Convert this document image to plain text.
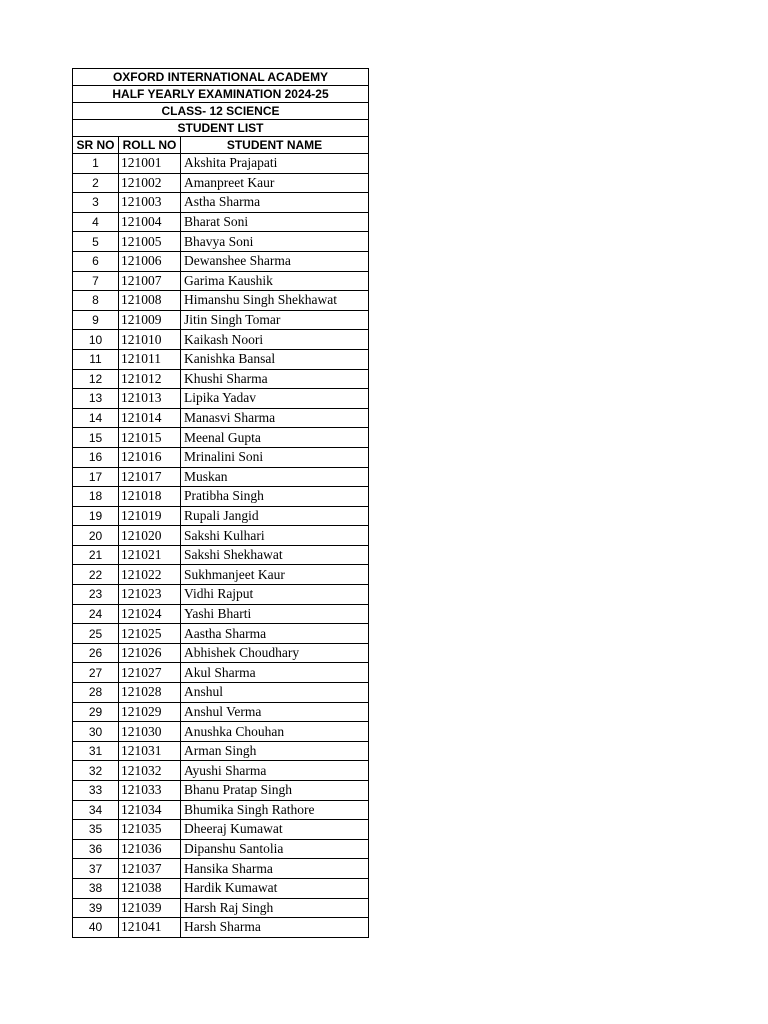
OXFORD INTERNATIONAL ACADEMY		
HALF YEARLY EXAMINATION 2024-25		
CLASS- 12 SCIENCE		
STUDENT LIST		
SR NO	ROLL NO	STUDENT NAME
1	121001	Akshita Prajapati
2	121002	Amanpreet Kaur
3	121003	Astha Sharma
4	121004	Bharat Soni
5	121005	Bhavya Soni
6	121006	Dewanshee Sharma
7	121007	Garima Kaushik
8	121008	Himanshu Singh Shekhawat
9	121009	Jitin Singh Tomar
10	121010	Kaikash Noori
11	121011	Kanishka Bansal
12	121012	Khushi Sharma
13	121013	Lipika Yadav
14	121014	Manasvi Sharma
15	121015	Meenal Gupta
16	121016	Mrinalini Soni
17	121017	Muskan
18	121018	Pratibha Singh
19	121019	Rupali Jangid
20	121020	Sakshi Kulhari
21	121021	Sakshi Shekhawat
22	121022	Sukhmanjeet Kaur
23	121023	Vidhi Rajput
24	121024	Yashi Bharti
25	121025	Aastha Sharma
26	121026	Abhishek Choudhary
27	121027	Akul Sharma
28	121028	Anshul
29	121029	Anshul Verma
30	121030	Anushka Chouhan
31	121031	Arman Singh
32	121032	Ayushi Sharma
33	121033	Bhanu Pratap Singh
34	121034	Bhumika Singh Rathore
35	121035	Dheeraj Kumawat
36	121036	Dipanshu Santolia
37	121037	Hansika Sharma
38	121038	Hardik Kumawat
39	121039	Harsh Raj Singh
40	121041	Harsh Sharma
